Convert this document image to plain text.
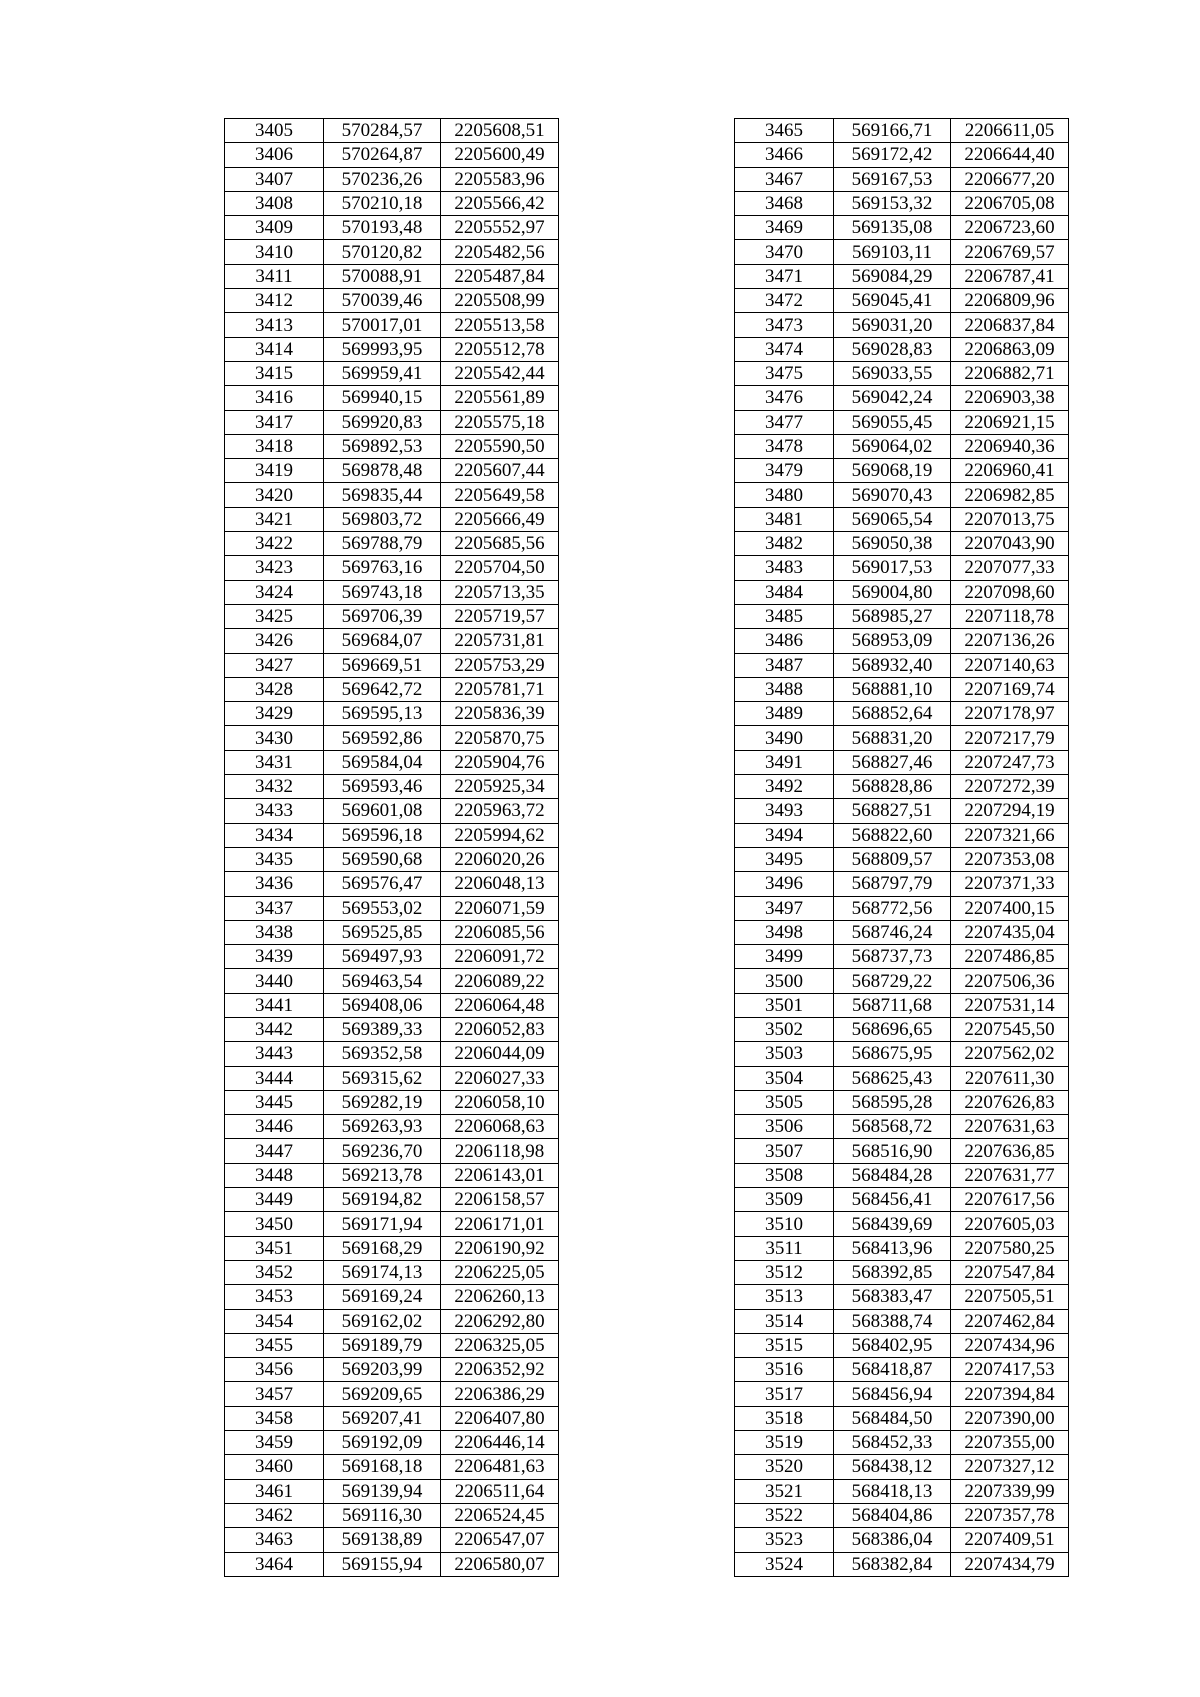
3405	570284,57	2205608,51
3406	570264,87	2205600,49
3407	570236,26	2205583,96
3408	570210,18	2205566,42
3409	570193,48	2205552,97
3410	570120,82	2205482,56
3411	570088,91	2205487,84
3412	570039,46	2205508,99
3413	570017,01	2205513,58
3414	569993,95	2205512,78
3415	569959,41	2205542,44
3416	569940,15	2205561,89
3417	569920,83	2205575,18
3418	569892,53	2205590,50
3419	569878,48	2205607,44
3420	569835,44	2205649,58
3421	569803,72	2205666,49
3422	569788,79	2205685,56
3423	569763,16	2205704,50
3424	569743,18	2205713,35
3425	569706,39	2205719,57
3426	569684,07	2205731,81
3427	569669,51	2205753,29
3428	569642,72	2205781,71
3429	569595,13	2205836,39
3430	569592,86	2205870,75
3431	569584,04	2205904,76
3432	569593,46	2205925,34
3433	569601,08	2205963,72
3434	569596,18	2205994,62
3435	569590,68	2206020,26
3436	569576,47	2206048,13
3437	569553,02	2206071,59
3438	569525,85	2206085,56
3439	569497,93	2206091,72
3440	569463,54	2206089,22
3441	569408,06	2206064,48
3442	569389,33	2206052,83
3443	569352,58	2206044,09
3444	569315,62	2206027,33
3445	569282,19	2206058,10
3446	569263,93	2206068,63
3447	569236,70	2206118,98
3448	569213,78	2206143,01
3449	569194,82	2206158,57
3450	569171,94	2206171,01
3451	569168,29	2206190,92
3452	569174,13	2206225,05
3453	569169,24	2206260,13
3454	569162,02	2206292,80
3455	569189,79	2206325,05
3456	569203,99	2206352,92
3457	569209,65	2206386,29
3458	569207,41	2206407,80
3459	569192,09	2206446,14
3460	569168,18	2206481,63
3461	569139,94	2206511,64
3462	569116,30	2206524,45
3463	569138,89	2206547,07
3464	569155,94	2206580,07
3465	569166,71	2206611,05
3466	569172,42	2206644,40
3467	569167,53	2206677,20
3468	569153,32	2206705,08
3469	569135,08	2206723,60
3470	569103,11	2206769,57
3471	569084,29	2206787,41
3472	569045,41	2206809,96
3473	569031,20	2206837,84
3474	569028,83	2206863,09
3475	569033,55	2206882,71
3476	569042,24	2206903,38
3477	569055,45	2206921,15
3478	569064,02	2206940,36
3479	569068,19	2206960,41
3480	569070,43	2206982,85
3481	569065,54	2207013,75
3482	569050,38	2207043,90
3483	569017,53	2207077,33
3484	569004,80	2207098,60
3485	568985,27	2207118,78
3486	568953,09	2207136,26
3487	568932,40	2207140,63
3488	568881,10	2207169,74
3489	568852,64	2207178,97
3490	568831,20	2207217,79
3491	568827,46	2207247,73
3492	568828,86	2207272,39
3493	568827,51	2207294,19
3494	568822,60	2207321,66
3495	568809,57	2207353,08
3496	568797,79	2207371,33
3497	568772,56	2207400,15
3498	568746,24	2207435,04
3499	568737,73	2207486,85
3500	568729,22	2207506,36
3501	568711,68	2207531,14
3502	568696,65	2207545,50
3503	568675,95	2207562,02
3504	568625,43	2207611,30
3505	568595,28	2207626,83
3506	568568,72	2207631,63
3507	568516,90	2207636,85
3508	568484,28	2207631,77
3509	568456,41	2207617,56
3510	568439,69	2207605,03
3511	568413,96	2207580,25
3512	568392,85	2207547,84
3513	568383,47	2207505,51
3514	568388,74	2207462,84
3515	568402,95	2207434,96
3516	568418,87	2207417,53
3517	568456,94	2207394,84
3518	568484,50	2207390,00
3519	568452,33	2207355,00
3520	568438,12	2207327,12
3521	568418,13	2207339,99
3522	568404,86	2207357,78
3523	568386,04	2207409,51
3524	568382,84	2207434,79
